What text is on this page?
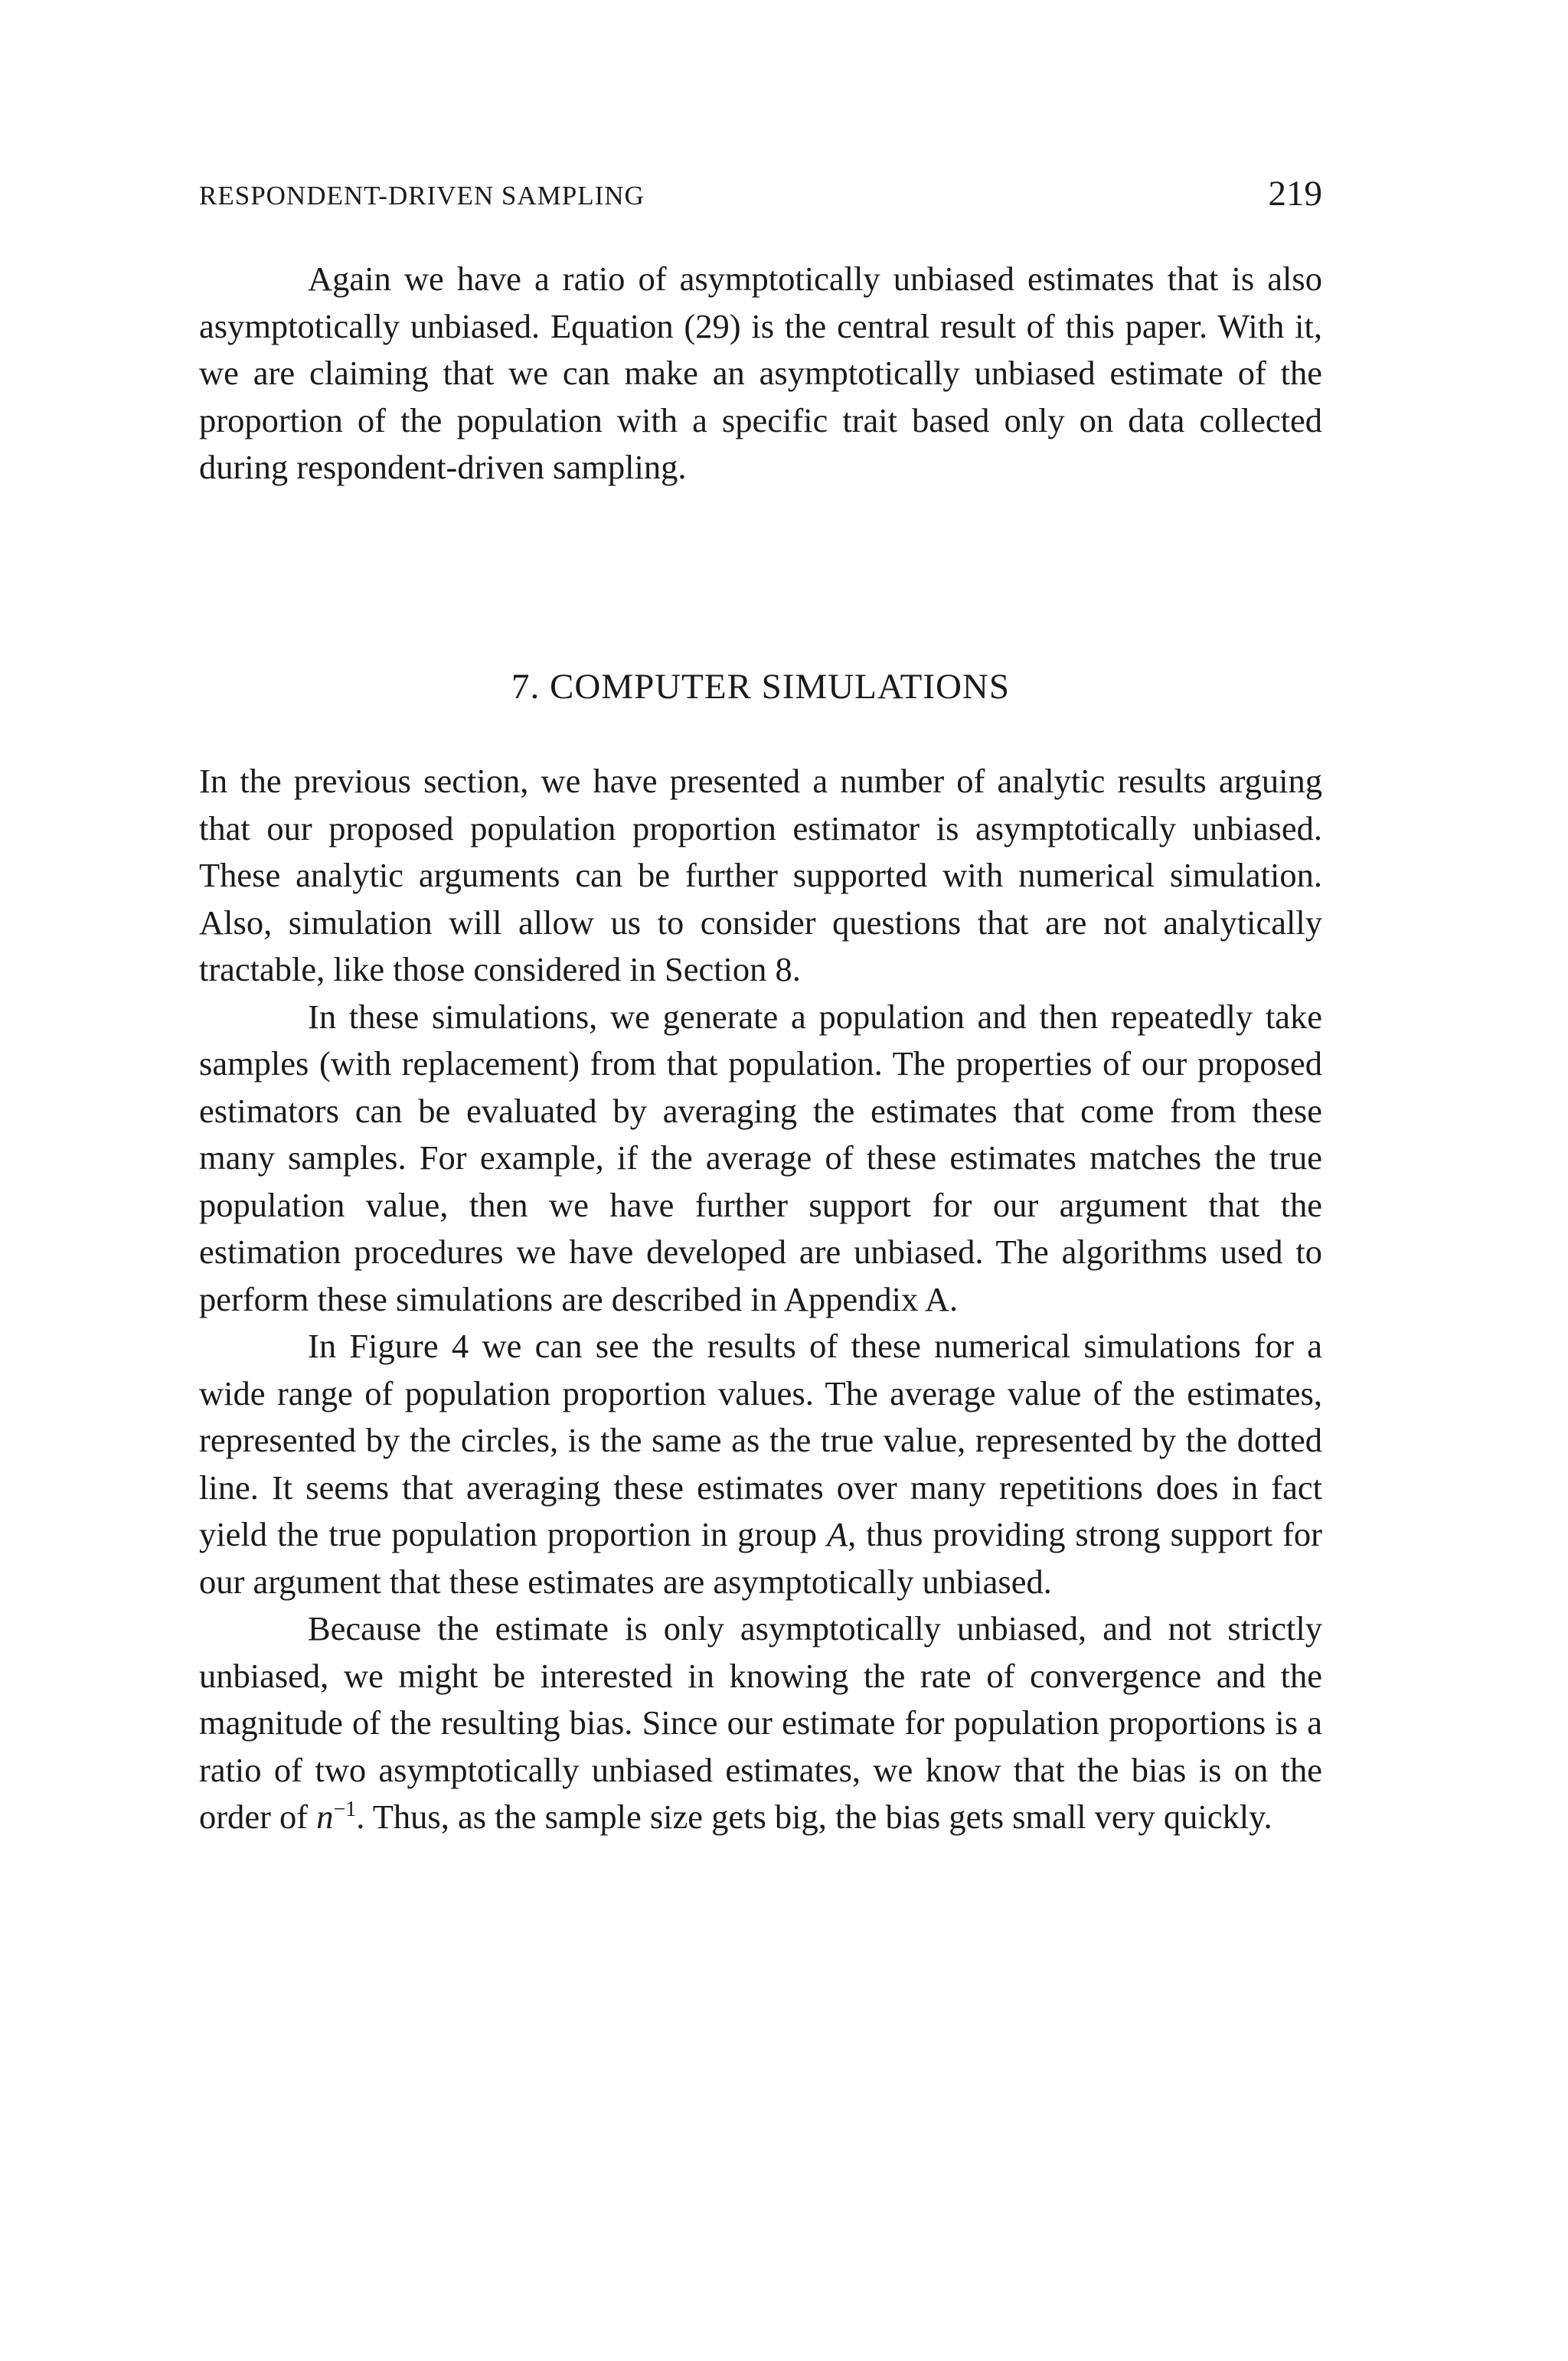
RESPONDENT-DRIVEN SAMPLING	219

Again we have a ratio of asymptotically unbiased estimates that is also asymptotically unbiased. Equation (29) is the central result of this paper. With it, we are claiming that we can make an asymptotically unbiased estimate of the proportion of the population with a specific trait based only on data collected during respondent-driven sampling.

7. COMPUTER SIMULATIONS

In the previous section, we have presented a number of analytic results arguing that our proposed population proportion estimator is asymptotically unbiased. These analytic arguments can be further supported with numerical simulation. Also, simulation will allow us to consider questions that are not analytically tractable, like those considered in Section 8.

In these simulations, we generate a population and then repeatedly take samples (with replacement) from that population. The properties of our proposed estimators can be evaluated by averaging the estimates that come from these many samples. For example, if the average of these estimates matches the true population value, then we have further support for our argument that the estimation procedures we have developed are unbiased. The algorithms used to perform these simulations are described in Appendix A.

In Figure 4 we can see the results of these numerical simulations for a wide range of population proportion values. The average value of the estimates, represented by the circles, is the same as the true value, represented by the dotted line. It seems that averaging these estimates over many repetitions does in fact yield the true population proportion in group A, thus providing strong support for our argument that these estimates are asymptotically unbiased.

Because the estimate is only asymptotically unbiased, and not strictly unbiased, we might be interested in knowing the rate of convergence and the magnitude of the resulting bias. Since our estimate for population proportions is a ratio of two asymptotically unbiased estimates, we know that the bias is on the order of $n^{-1}$. Thus, as the sample size gets big, the bias gets small very quickly.
